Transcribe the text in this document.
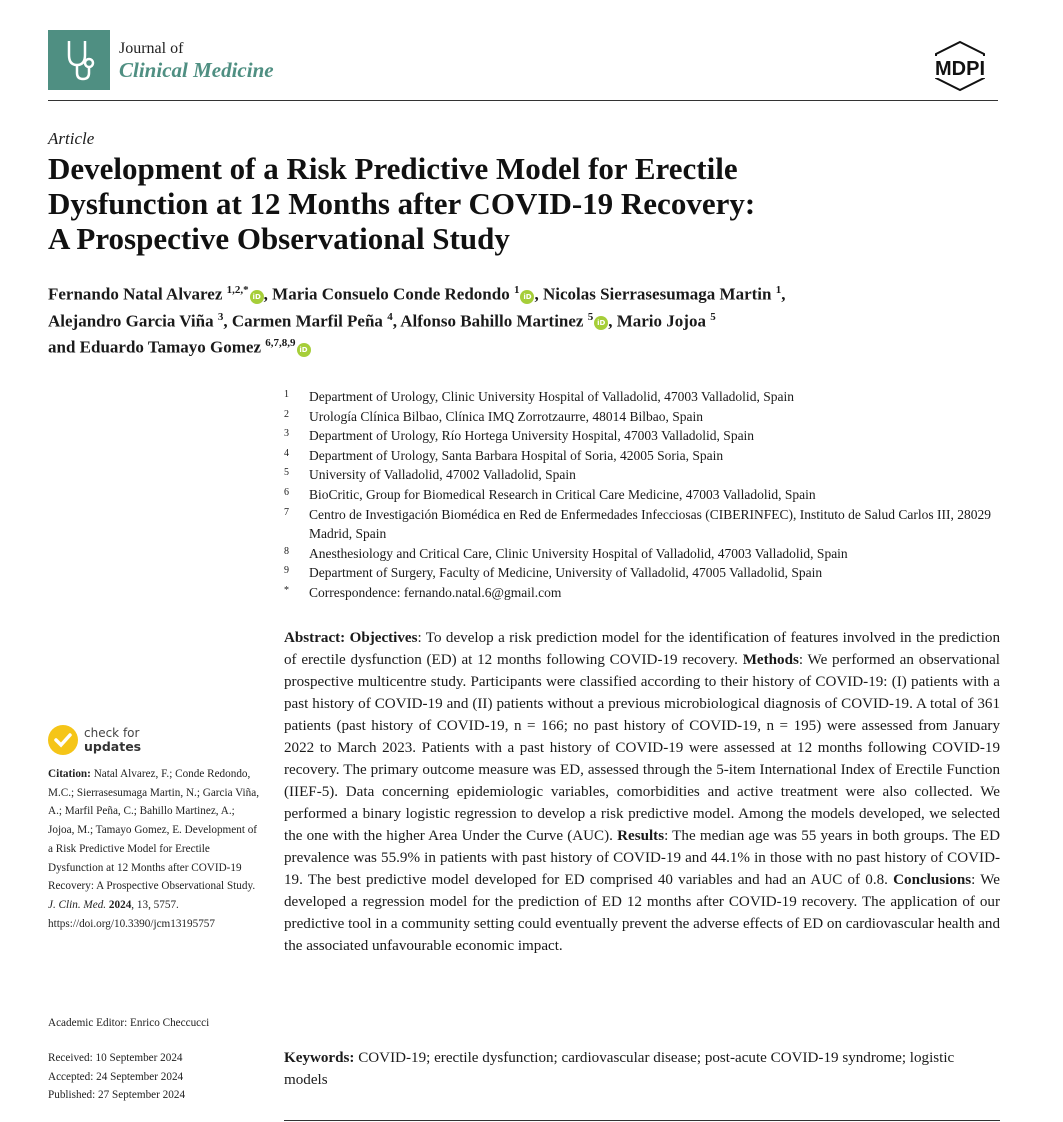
Journal of
Clinical Medicine	MDPI
Article
Development of a Risk Predictive Model for Erectile
Dysfunction at 12 Months after COVID-19 Recovery:
A Prospective Observational Study
Fernando Natal Alvarez $^{1,2,*}$iD , Maria Consuelo Conde Redondo $^1$iD , Nicolas Sierrasesumaga Martin $^1$,
Alejandro Garcia Viña $^3$, Carmen Marfil Peña $^4$, Alfonso Bahillo Martinez $^5$iD , Mario Jojoa $^5$
and Eduardo Tamayo Gomez $^{6,7,8,9}$iD
1	Department of Urology, Clinic University Hospital of Valladolid, 47003 Valladolid, Spain
2	Urología Clínica Bilbao, Clínica IMQ Zorrotzaurre, 48014 Bilbao, Spain
3	Department of Urology, Río Hortega University Hospital, 47003 Valladolid, Spain
4	Department of Urology, Santa Barbara Hospital of Soria, 42005 Soria, Spain
5	University of Valladolid, 47002 Valladolid, Spain
6	BioCritic, Group for Biomedical Research in Critical Care Medicine, 47003 Valladolid, Spain
7	Centro de Investigación Biomédica en Red de Enfermedades Infecciosas (CIBERINFEC), Instituto de Salud Carlos III, 28029 Madrid, Spain
8	Anesthesiology and Critical Care, Clinic University Hospital of Valladolid, 47003 Valladolid, Spain
9	Department of Surgery, Faculty of Medicine, University of Valladolid, 47005 Valladolid, Spain
*	Correspondence: fernando.natal.6@gmail.com
Abstract: Objectives: To develop a risk prediction model for the identification of features involved in the prediction of erectile dysfunction (ED) at 12 months following COVID-19 recovery. Methods: We performed an observational prospective multicentre study. Participants were classified according to their history of COVID-19: (I) patients with a past history of COVID-19 and (II) patients without a previous microbiological diagnosis of COVID-19. A total of 361 patients (past history of COVID-19, n = 166; no past history of COVID-19, n = 195) were assessed from January 2022 to March 2023. Patients with a past history of COVID-19 were assessed at 12 months following COVID-19 recovery. The primary outcome measure was ED, assessed through the 5-item International Index of Erectile Function (IIEF-5). Data concerning epidemiologic variables, comorbidities and active treatment were also collected. We performed a binary logistic regression to develop a risk predictive model. Among the models developed, we selected the one with the higher Area Under the Curve (AUC). Results: The median age was 55 years in both groups. The ED prevalence was 55.9% in patients with past history of COVID-19 and 44.1% in those with no past history of COVID-19. The best predictive model developed for ED comprised 40 variables and had an AUC of 0.8. Conclusions: We developed a regression model for the prediction of ED 12 months after COVID-19 recovery. The application of our predictive tool in a community setting could eventually prevent the adverse effects of ED on cardiovascular health and the associated unfavourable economic impact.
Keywords: COVID-19; erectile dysfunction; cardiovascular disease; post-acute COVID-19 syndrome; logistic models
check for
updates
Citation: Natal Alvarez, F.; Conde Redondo, M.C.; Sierrasesumaga Martin, N.; Garcia Viña, A.; Marfil Peña, C.; Bahillo Martinez, A.; Jojoa, M.; Tamayo Gomez, E. Development of a Risk Predictive Model for Erectile Dysfunction at 12 Months after COVID-19 Recovery: A Prospective Observational Study. J. Clin. Med. 2024, 13, 5757. https://doi.org/10.3390/jcm13195757
Academic Editor: Enrico Checcucci
Received: 10 September 2024
Accepted: 24 September 2024
Published: 27 September 2024
